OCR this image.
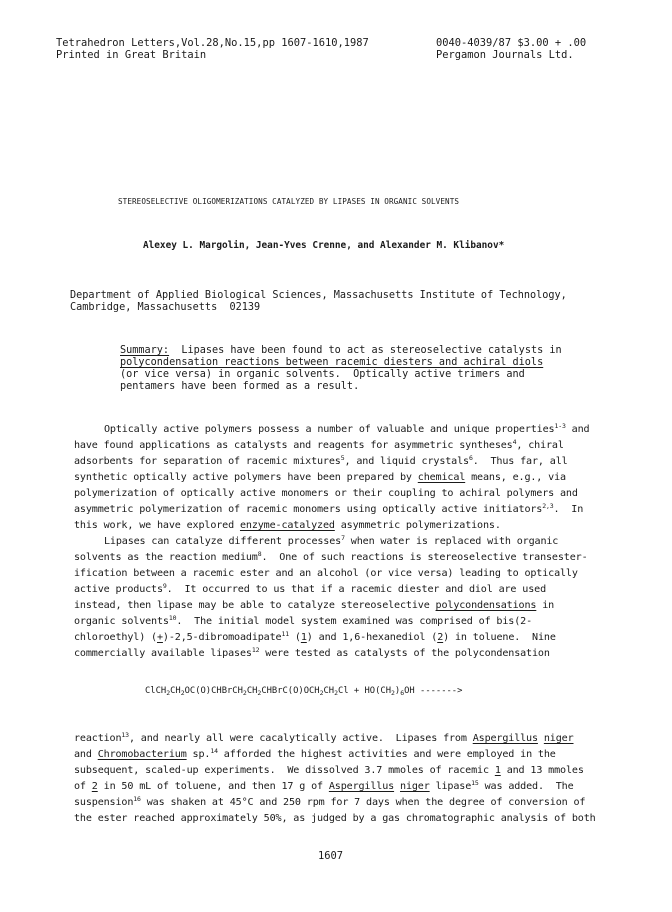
Tetrahedron Letters,Vol.28,No.15,pp 1607-1610,1987	0040-4039/87 $3.00 + .00
Printed in Great Britain	Pergamon Journals Ltd.
STEREOSELECTIVE OLIGOMERIZATIONS CATALYZED BY LIPASES IN ORGANIC SOLVENTS
Alexey L. Margolin, Jean-Yves Crenne, and Alexander M. Klibanov*
Department of Applied Biological Sciences, Massachusetts Institute of Technology,
Cambridge, Massachusetts  02139
Summary:  Lipases have been found to act as stereoselective catalysts in
polycondensation reactions between racemic diesters and achiral diols
(or vice versa) in organic solvents.  Optically active trimers and
pentamers have been formed as a result.
Optically active polymers possess a number of valuable and unique properties$^{1-3}$ and
have found applications as catalysts and reagents for asymmetric syntheses$^4$, chiral
adsorbents for separation of racemic mixtures$^5$, and liquid crystals$^6$.  Thus far, all
synthetic optically active polymers have been prepared by chemical means, e.g., via
polymerization of optically active monomers or their coupling to achiral polymers and
asymmetric polymerization of racemic monomers using optically active initiators$^{2,3}$.  In
this work, we have explored enzyme-catalyzed asymmetric polymerizations.
Lipases can catalyze different processes$^7$ when water is replaced with organic
solvents as the reaction medium$^8$.  One of such reactions is stereoselective transester-
ification between a racemic ester and an alcohol (or vice versa) leading to optically
active products$^9$.  It occurred to us that if a racemic diester and diol are used
instead, then lipase may be able to catalyze stereoselective polycondensations in
organic solvents$^{10}$.  The initial model system examined was comprised of bis(2-
chloroethyl) (+)-2,5-dibromoadipate$^{11}$ (1) and 1,6-hexanediol (2) in toluene.  Nine
commercially available lipases$^{12}$ were tested as catalysts of the polycondensation
$ClCH_2CH_2OC(O)CHBrCH_2CH_2CHBrC(O)OCH_2CH_2Cl + HO(CH_2)_6OH$ ------->
reaction$^{13}$, and nearly all were cacalytically active.  Lipases from Aspergillus niger
and Chromobacterium sp.$^{14}$ afforded the highest activities and were employed in the
subsequent, scaled-up experiments.  We dissolved 3.7 mmoles of racemic 1 and 13 mmoles
of 2 in 50 mL of toluene, and then 17 g of Aspergillus niger lipase$^{15}$ was added.  The
suspension$^{16}$ was shaken at 45°C and 250 rpm for 7 days when the degree of conversion of
the ester reached approximately 50%, as judged by a gas chromatographic analysis of both
1607
